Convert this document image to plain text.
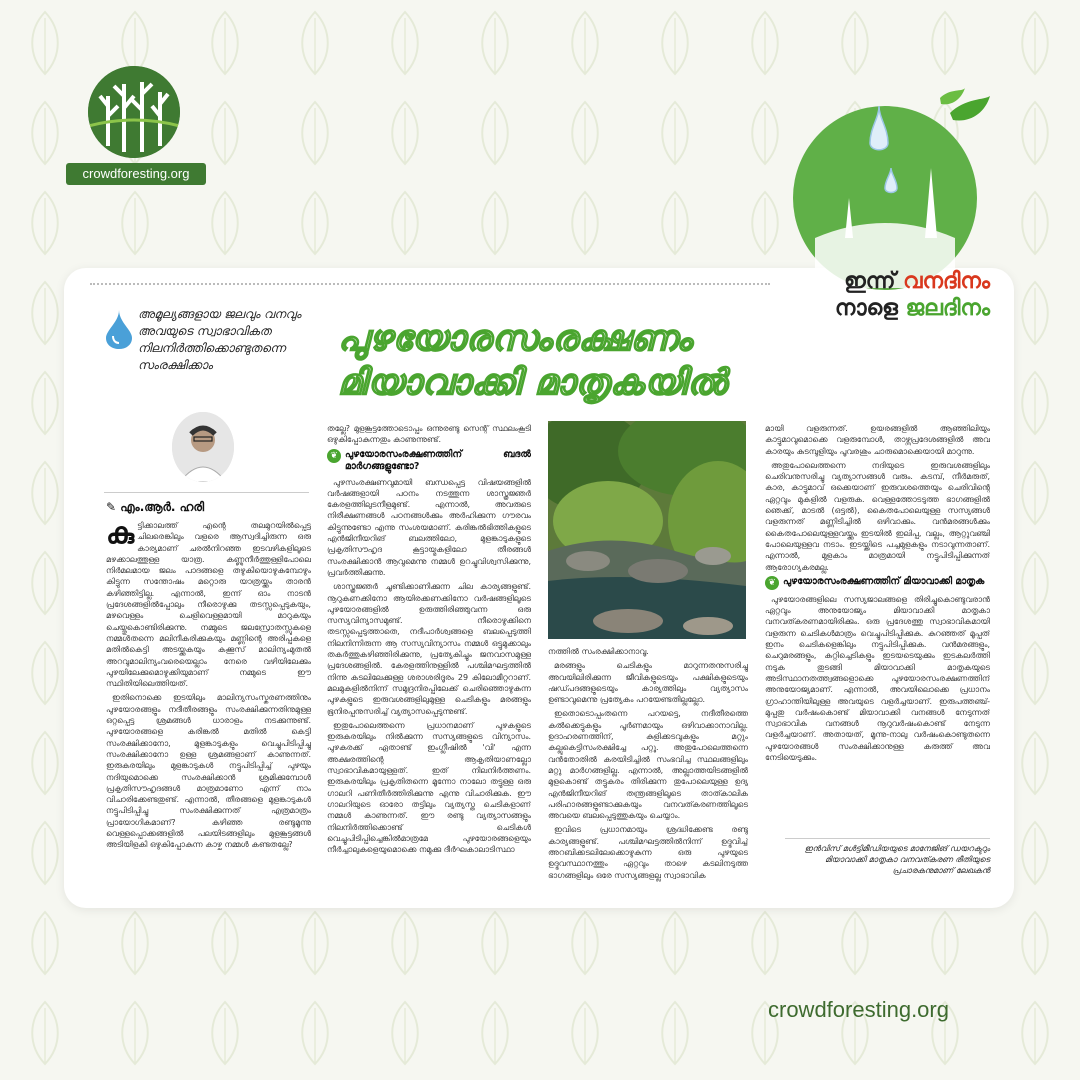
crowdforesting.org
ഇന്ന് വനദിനം
നാളെ ജലദിനം
അമൂല്യങ്ങളായ ജലവും വനവും അവയുടെ സ്വാഭാവികത നിലനിർത്തിക്കൊണ്ടുതന്നെ സംരക്ഷിക്കാം
പുഴയോരസംരക്ഷണം
മിയാവാക്കി മാതൃകയിൽ
✎ എം.ആർ. ഹരി

കുട്ടിക്കാലത്ത് എന്റെ തലമുറയിൽപ്പെട്ട ചിലരെങ്കിലും വളരെ ആസ്വദിച്ചിരുന്ന ഒരു കാര്യമാണ് ചരൽനിറഞ്ഞ ഇടവഴികളിലൂടെ മഴക്കാലത്തുള്ള യാത്ര. കണ്ണുനീർത്തുള്ളിപോലെ നിർമലമായ ജലം പാദങ്ങളെ തഴുകിയൊഴുകുമ്പോഴും കിട്ടുന്ന സന്തോഷം മറ്റൊരു യാത്രയ്ക്കും താരൻ കഴിഞ്ഞിട്ടില്ല. എന്നാൽ, ഇന്ന് ഓം നാടൻ പ്രദേശങ്ങളിൽപ്പോലും നീരൊഴുക്കു തടസ്സപ്പെടുകയും, മഴവെള്ളം ചെളിവെള്ളമായി മാറുകയും ചെയ്തുകൊണ്ടിരിക്കുന്നു. നമ്മുടെ ജലസ്രോതസ്സുകളെ നമ്മൾതന്നെ മലിനീകരിക്കുകയും മണ്ണിന്റെ അരിപ്പകളെ മതിൽകെട്ടി അടയ്ക്കുകയും കക്കൂസ് മാലിന്യംമുതൽ അറവുമാലിന്യംവരെയെല്ലാം നേരെ വഴിയിലേക്കും പുഴയിലേക്കുമൊഴുക്കിയുമാണ് നമ്മുടെ ഈ സ്ഥിതിയിലെത്തിയത്.

ഇതിനൊക്കെ ഇടയിലും മാലിന്യസംസ്കരണത്തിനും പുഴയോരങ്ങളും നദീതീരങ്ങളും സംരക്ഷിക്കുന്നതിനുമുള്ള ഒറ്റപ്പെട്ട ശ്രമങ്ങൾ ധാരാളം നടക്കുന്നുണ്ട്. പുഴയോരങ്ങളെ കരിങ്കൽ മതിൽ കെട്ടി സംരക്ഷിക്കാനോ, മുളങ്കാടുകളും വെച്ചുപിടിപ്പിച്ചു സംരക്ഷിക്കാനോ ഉള്ള ശ്രമങ്ങളാണ് കാണുന്നത്. ഇരുകരയിലും മുളങ്കാടുകൾ നട്ടുപിടിപ്പിച്ച് പുഴയും നദിയുമൊക്കെ സംരക്ഷിക്കാൻ ശ്രമിക്കുമ്പോൾ പ്രകൃതിസൗഹൃദങ്ങൾ മാത്രമാണോ എന്ന് നാം വിചാരിക്കേണ്ടതുണ്ട്. എന്നാൽ, തീരങ്ങളെ മുളങ്കാടുകൾ നട്ടുപിടിപ്പിച്ചു സംരക്ഷിക്കുന്നത് എത്രമാത്രം പ്രായോഗികമാണ്? കഴിഞ്ഞ രണ്ടുമൂന്നു വെള്ളപ്പൊക്കങ്ങളിൽ പലയിടങ്ങളിലും മുളങ്കൂട്ടങ്ങൾ അടിയിളകി ഒഴുകിപ്പോകുന്ന കാഴ്ച നമ്മൾ കണ്ടതല്ലേ?

തല്ലേ? മുളങ്കൂട്ടത്തോടൊപ്പം ഒന്നുരണ്ടു സെന്റ് സ്ഥലംകൂടി ഒഴുകിപ്പോകുന്നതും കാണുന്നുണ്ട്.

❦ പുഴയോരസംരക്ഷണത്തിന് ബദൽ മാർഗങ്ങളുണ്ടോ?

പുഴസംരക്ഷണവുമായി ബന്ധപ്പെട്ട വിഷയങ്ങളിൽ വർഷങ്ങളായി പഠനം നടത്തുന്ന ശാസ്ത്രജ്ഞർ കേരളത്തിലുടനീളമുണ്ട്. എന്നാൽ, അവരുടെ നിരീക്ഷണങ്ങൾ പഠനങ്ങൾക്കും അർഹിക്കുന്ന ഗൗരവം കിട്ടുന്നുണ്ടോ എന്നു സംശയമാണ്. കരിങ്കൽഭിത്തികളുടെ എൻജിനീയറിങ് ബലത്തിലോ, മുളങ്കാടുകളുടെ പ്രകൃതിസൗഹൃദ കൂട്ടായ്മകളിലോ തീരങ്ങൾ സംരക്ഷിക്കാൻ ആവുമെന്നു നമ്മൾ ഉറച്ചുവിശ്വസിക്കുന്നു, പ്രവർത്തിക്കുന്നു.

ശാസ്ത്രജ്ഞർ ചൂണ്ടിക്കാണിക്കുന്ന ചില കാര്യങ്ങളുണ്ട്. നൂറുകണക്കിനോ ആയിരക്കണക്കിനോ വർഷങ്ങളിലൂടെ പുഴയോരങ്ങളിൽ ഉരുത്തിരിഞ്ഞുവന്ന ഒരു സസ്യവിന്യാസമുണ്ട്. നീരൊഴുക്കിനെ തടസ്സപ്പെടുത്താതെ, നദീപാർശ്വങ്ങളെ ബലപ്പെടുത്തി നിലനിന്നിരുന്ന ആ സസ്യവിന്യാസം നമ്മൾ ഒട്ടുമുക്കാലും തകർത്തുകഴിഞ്ഞിരിക്കുന്നു, പ്രത്യേകിച്ചും ജനവാസമുള്ള പ്രദേശങ്ങളിൽ. കേരളത്തിനുള്ളിൽ പശ്ചിമഘട്ടത്തിൽ നിന്നു കടലിലേക്കുള്ള ശരാശരിദൂരം 29 കിലോമീറ്ററാണ്. മലമുകളിൽനിന്ന് സമുദ്രനിരപ്പിലേക്ക് ചെരിഞ്ഞൊഴുകുന്ന പുഴകളുടെ ഇരുവശങ്ങളിലുമുള്ള ചെടികളും മരങ്ങളും ഭൂനിരപ്പനുസരിച്ച് വ്യത്യാസപ്പെടുന്നുണ്ട്.

ഇതുപോലെത്തന്നെ പ്രധാനമാണ് പുഴകളുടെ ഇരുകരയിലും നിൽക്കുന്ന സസ്യങ്ങളുടെ വിന്യാസം. പുഴകരക്ക് ഏതാണ്ട് ഇംഗ്ലീഷിൽ 'വി' എന്ന അക്ഷരത്തിന്റെ ആകൃതിയാണല്ലോ സ്വാഭാവികമായുള്ളത്. ഇത് നിലനിർത്തണം. ഇരുകരയിലും പ്രകൃതിതന്നെ മൂന്നോ നാലോ തട്ടുള്ള ഒരു ഗാലറി പണിതീർത്തിരിക്കുന്നു എന്നു വിചാരിക്കുക. ഈ ഗാലറിയുടെ ഓരോ തട്ടിലും വ്യത്യസ്ത ചെടികളാണ് നമ്മൾ കാണുന്നത്. ഈ രണ്ടു വ്യത്യാസങ്ങളും നിലനിർത്തിക്കൊണ്ട് ചെടികൾ വെച്ചുപിടിപ്പിച്ചെങ്കിൽമാത്രമേ പുഴയോരങ്ങളെയും നീർച്ചാലുകളെയുമൊക്കെ നമുക്കു ദീർഘകാലാടിസ്ഥാ

നത്തിൽ സംരക്ഷിക്കാനാവൂ.

മരങ്ങളും ചെടികളും മാറുന്നതനുസരിച്ചു അവയിലിരിക്കുന്ന ജീവികളുടെയും പക്ഷികളുടെയും ഷഡ്പദങ്ങളുടെയും കാര്യത്തിലും വ്യത്യാസം ഉണ്ടാവുമെന്നു പ്രത്യേകം പറയേണ്ടതില്ലല്ലോ.

ഇതൊടൊപ്പംതന്നെ പറയട്ടെ, നദീതീരത്തെ കൽക്കെട്ടുകളും പൂർണമായും ഒഴിവാക്കാനാവില്ല. ഉദാഹരണത്തിന്, കുളിക്കടവുകളും മറ്റും കല്ലുകെട്ടിസംരക്ഷിച്ചേ പറ്റൂ. അതുപോലെത്തന്നെ വൻതോതിൽ കരയിടിച്ചിൽ സംഭവിച്ച സ്ഥലങ്ങളിലും മറ്റു മാർഗങ്ങളില്ല. എന്നാൽ, അല്ലാത്തയിടങ്ങളിൽ മുളകൊണ്ട് തട്ടുകരം തിരിക്കുന്ന തുപോലെയുള്ള ഉദ്യ എൻജിനീയറിങ് തന്ത്രങ്ങളിലൂടെ താത്കാലിക പരിഹാരങ്ങളുണ്ടാക്കുകയും വനവത്കരണത്തിലൂടെ അവയെ ബലപ്പെടുത്തുകയും ചെയ്യാം.

ഇവിടെ പ്രധാനമായും ശ്രദ്ധിക്കേണ്ട രണ്ടു കാര്യങ്ങളുണ്ട്. പശ്ചിമഘട്ടത്തിൽനിന്ന് ഉദ്ഭവിച്ച് അറബിക്കടലിലേക്കൊഴുകുന്ന ഒരു പുഴയുടെ ഉദ്ഭവസ്ഥാനത്തും ഏറ്റവും താഴെ കടലിനടുത്ത ഭാഗങ്ങളിലും ഒരേ സസ്യങ്ങളല്ല സ്വാഭാവിക

മായി വളരുന്നത്. ഉയരങ്ങളിൽ ആഞ്ഞിലിയും കാട്ടുമാവുമൊക്കെ വളരുമ്പോൾ, താഴ്ന്നപ്രദേശങ്ങളിൽ അവ കാരയും കുടമ്പുളിയും പൂവരശും ചാരുമൊക്കെയായി മാറുന്നു.

അതുപോലെത്തന്നെ നദിയുടെ ഇരുവശങ്ങളിലും ചെരിവനുസരിച്ചു വ്യത്യാസങ്ങൾ വരും. കടമ്പ്, നീർമരുത്, കാര, കാട്ടുമാവ് ഒക്കെയാണ് ഇരുവശത്തെയും ചെരിവിന്റെ ഏറ്റവും മുകളിൽ വളരുക. വെള്ളത്തോടടുത്ത ഭാഗങ്ങളിൽ ഞെക്ക്, മാടൽ (ഒട്ടൽ), കൈതപോലെയുള്ള സസ്യങ്ങൾ വളരുന്നത് മണ്ണിടിച്ചിൽ ഒഴിവാക്കും. വൻമരങ്ങൾക്കും കൈതപോലെയുള്ളവയ്ക്കും ഇടയിൽ ഇലിപ്പ, വല്ലം, ആറ്റുവഞ്ചി പോലെയുള്ളവ നടാം. ഇടയ്ക്കിടെ പച്ചമുളകളും നടാവുന്നതാണ്. എന്നാൽ, മുളകാം മാത്രമായി നട്ടുപിടിപ്പിക്കുന്നത് ആരോഗ്യകരമല്ല.

❦ പുഴയോരസംരക്ഷണത്തിന് മിയാവാക്കി മാതൃക

പുഴയോരങ്ങളിലെ സസ്യജാലങ്ങളെ തിരിച്ചുകൊണ്ടുവരാൻ ഏറ്റവും അനുയോജ്യം മിയാവാക്കി മാതൃകാ വനവത്കരണമായിരിക്കും. ഒരു പ്രദേശത്തു സ്വാഭാവികമായി വളരുന്ന ചെടികൾമാത്രം വെച്ചുപിടിപ്പിക്കുക. കുറഞ്ഞത് മൂപ്പത് ഇനം ചെടികളെങ്കിലും നട്ടുപിടിപ്പിക്കുക. വൻമരങ്ങളും, ചെറുമരങ്ങളും, കുറ്റിച്ചെടികളും ഇടയടെയുക്കും ഇടകലർത്തി നടുക തുടങ്ങി മിയാവാക്കി മാതൃകയുടെ അടിസ്ഥാനതത്ത്വങ്ങളൊക്കെ പുഴയോരസംരക്ഷണത്തിന് അനുയോജ്യമാണ്. എന്നാൽ, അവയിലൊക്കെ പ്രധാനം ഗ്രാഹാന്തിയിലുള്ള അവയുടെ വളർച്ചയാണ്. ഇരുപത്തഞ്ച്-മുപ്പതു വർഷംകൊണ്ട് മിയാവാക്കി വനങ്ങൾ നേടുന്നത് സ്വാഭാവിക വനങ്ങൾ നൂറുവർഷംകൊണ്ട് നേടുന്ന വളർച്ചയാണ്. അതായത്, മൂന്നു-നാലു വർഷംകൊണ്ടുതന്നെ പുഴയോരങ്ങൾ സംരക്ഷിക്കാനുള്ള കരുത്ത് അവ നേടിയെടുക്കും.

ഇൻവിസ് മൾട്ടിമീഡിയയുടെ മാനേജിങ് ഡയറക്ടറും മിയാവാക്കി മാതൃകാ വനവത്കരണ രീതിയുടെ പ്രചാരകനുമാണ് ലേഖകൻ
crowdforesting.org
